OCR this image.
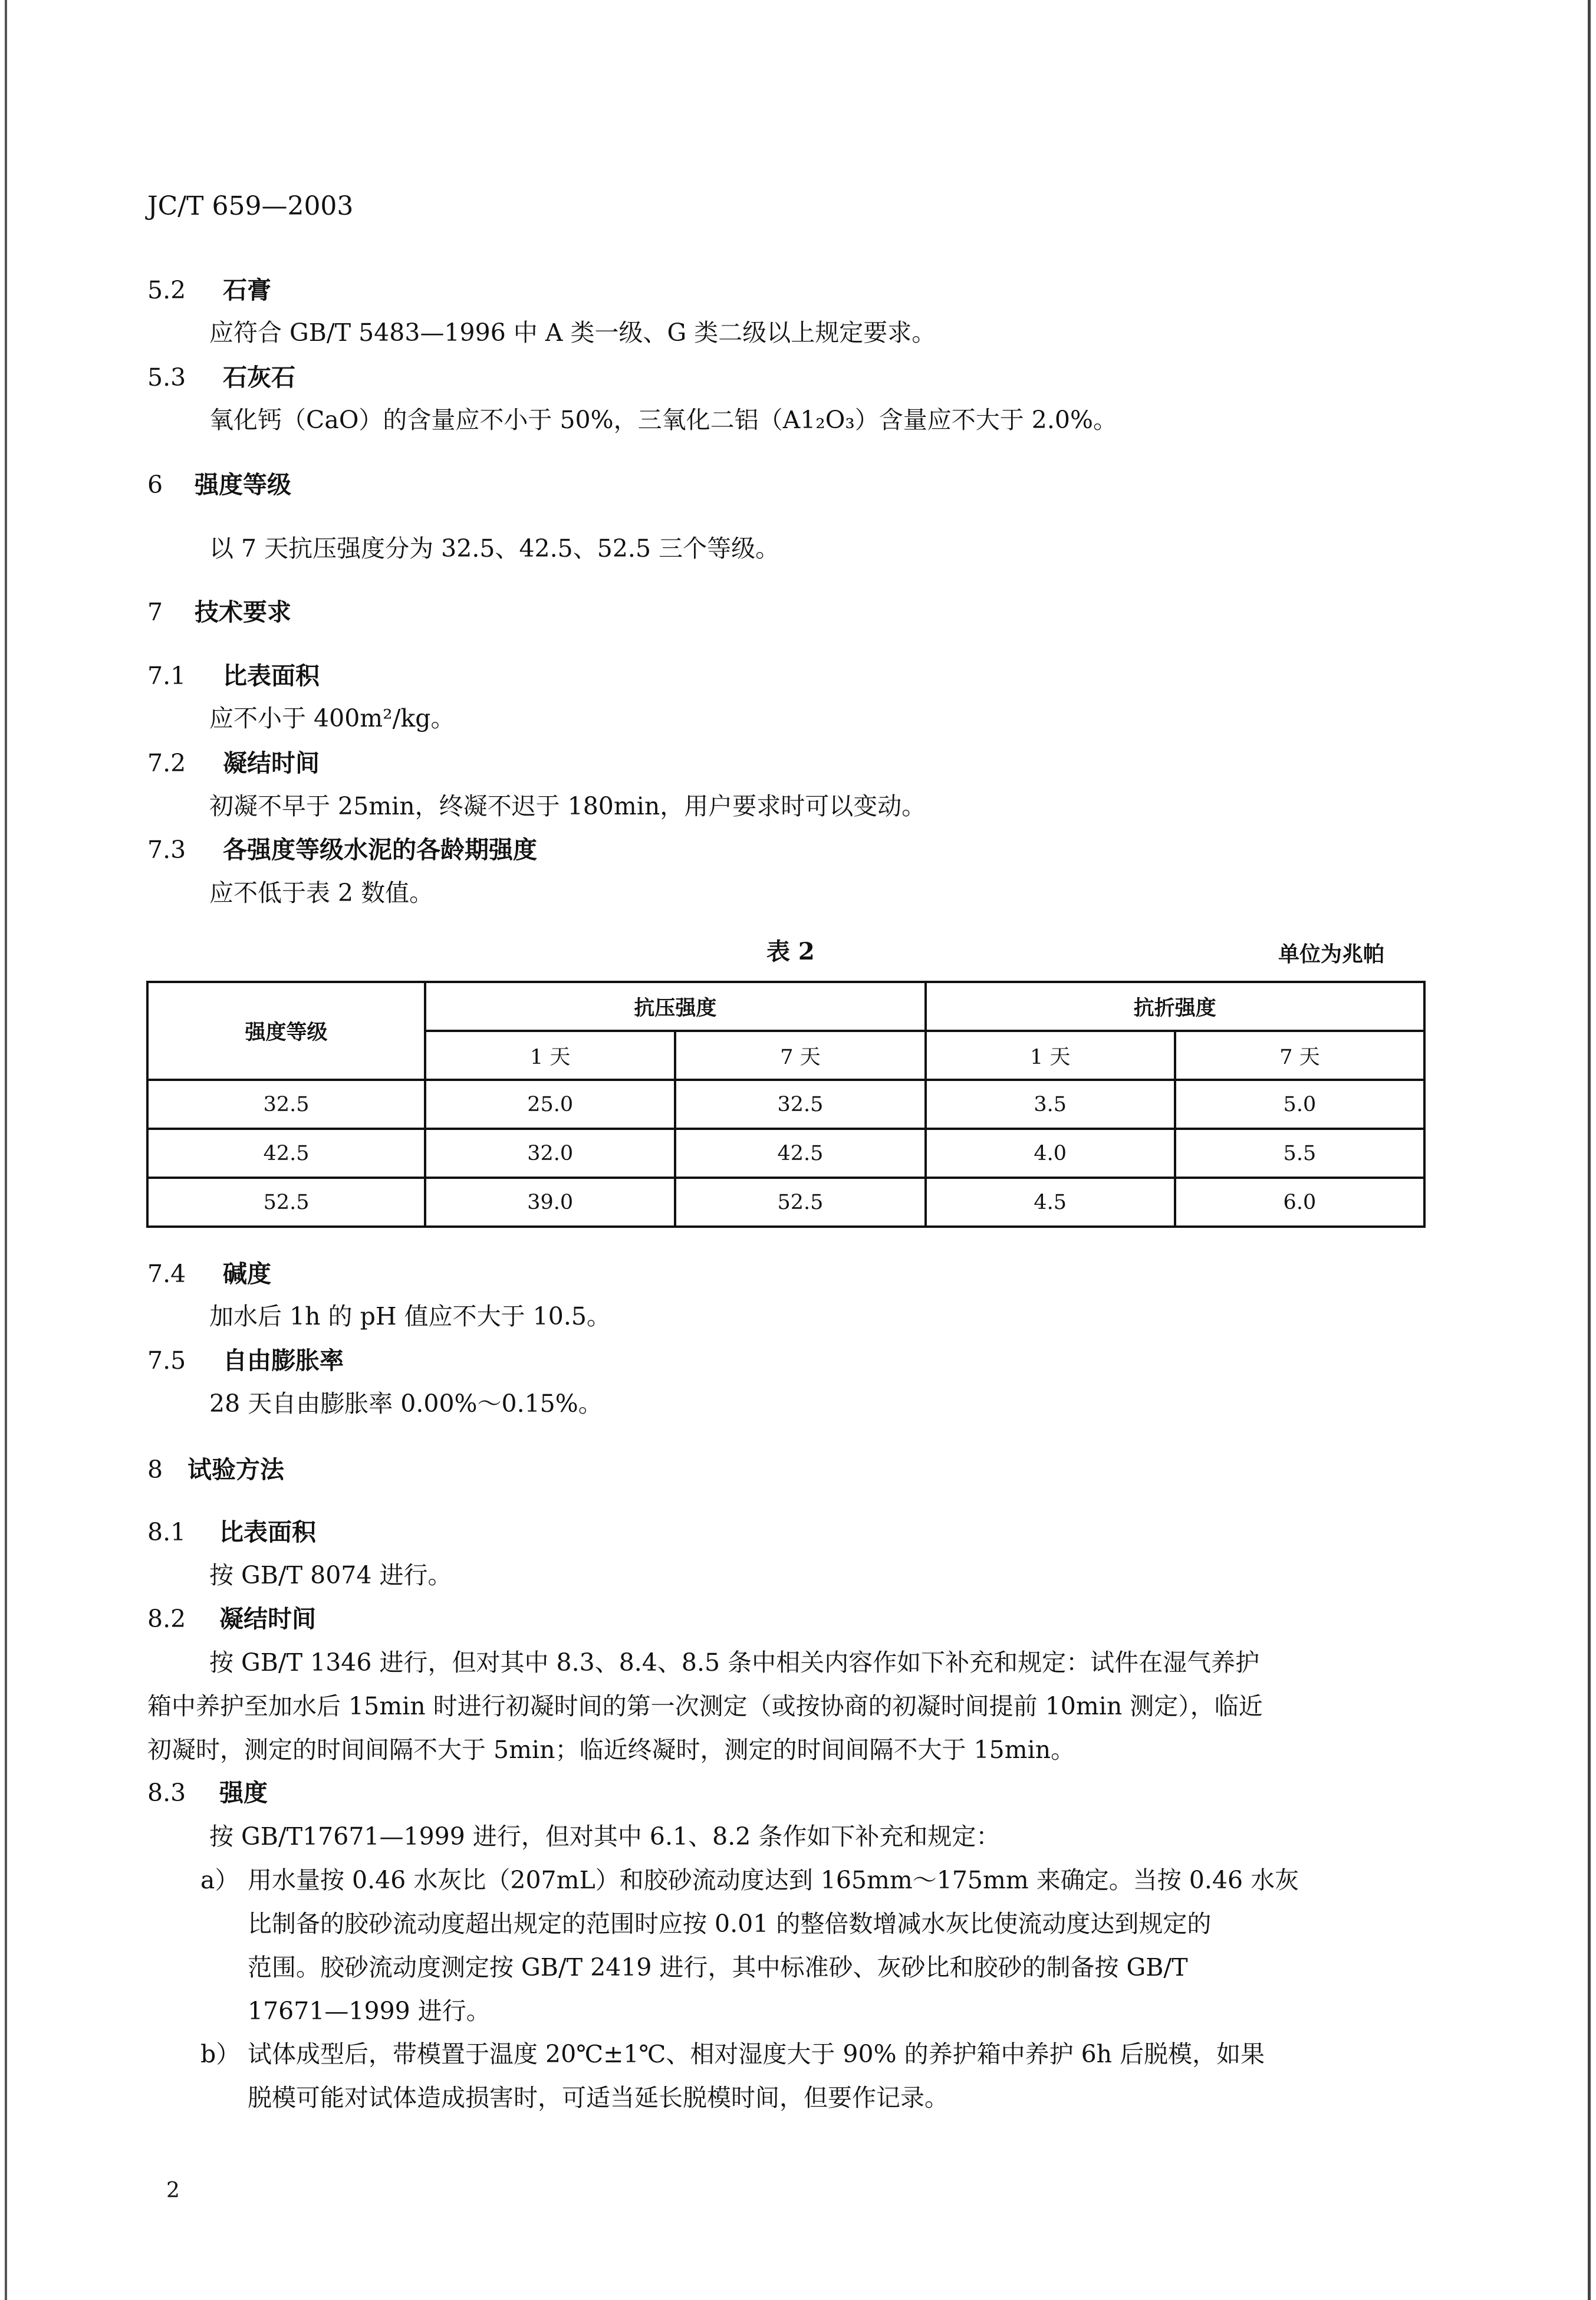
JC/T 659—2003
5.2 石膏
应符合 GB/T 5483—1996 中 A 类一级、G 类二级以上规定要求。
5.3 石灰石
氧化钙（CaO）的含量应不小于 50%，三氧化二铝（A1₂O₃）含量应不大于 2.0%。
6 强度等级
以 7 天抗压强度分为 32.5、42.5、52.5 三个等级。
7 技术要求
7.1 比表面积
应不小于 400m²/kg。
7.2 凝结时间
初凝不早于 25min，终凝不迟于 180min，用户要求时可以变动。
7.3 各强度等级水泥的各龄期强度
应不低于表 2 数值。
表 2	单位为兆帕
强度等级	抗压强度		抗折强度	
	1 天	7 天	1 天	7 天
32.5	25.0	32.5	3.5	5.0
42.5	32.0	42.5	4.0	5.5
52.5	39.0	52.5	4.5	6.0
7.4 碱度
加水后 1h 的 pH 值应不大于 10.5。
7.5 自由膨胀率
28 天自由膨胀率 0.00%～0.15%。
8 试验方法
8.1 比表面积
按 GB/T 8074 进行。
8.2 凝结时间
按 GB/T 1346 进行，但对其中 8.3、8.4、8.5 条中相关内容作如下补充和规定：试件在湿气养护
箱中养护至加水后 15min 时进行初凝时间的第一次测定（或按协商的初凝时间提前 10min 测定），临近
初凝时，测定的时间间隔不大于 5min；临近终凝时，测定的时间间隔不大于 15min。
8.3 强度
按 GB/T17671—1999 进行，但对其中 6.1、8.2 条作如下补充和规定：
a） 用水量按 0.46 水灰比（207mL）和胶砂流动度达到 165mm～175mm 来确定。当按 0.46 水灰
比制备的胶砂流动度超出规定的范围时应按 0.01 的整倍数增减水灰比使流动度达到规定的
范围。胶砂流动度测定按 GB/T 2419 进行，其中标准砂、灰砂比和胶砂的制备按 GB/T
17671—1999 进行。
b） 试体成型后，带模置于温度 20℃±1℃、相对湿度大于 90% 的养护箱中养护 6h 后脱模，如果
脱模可能对试体造成损害时，可适当延长脱模时间，但要作记录。
2
